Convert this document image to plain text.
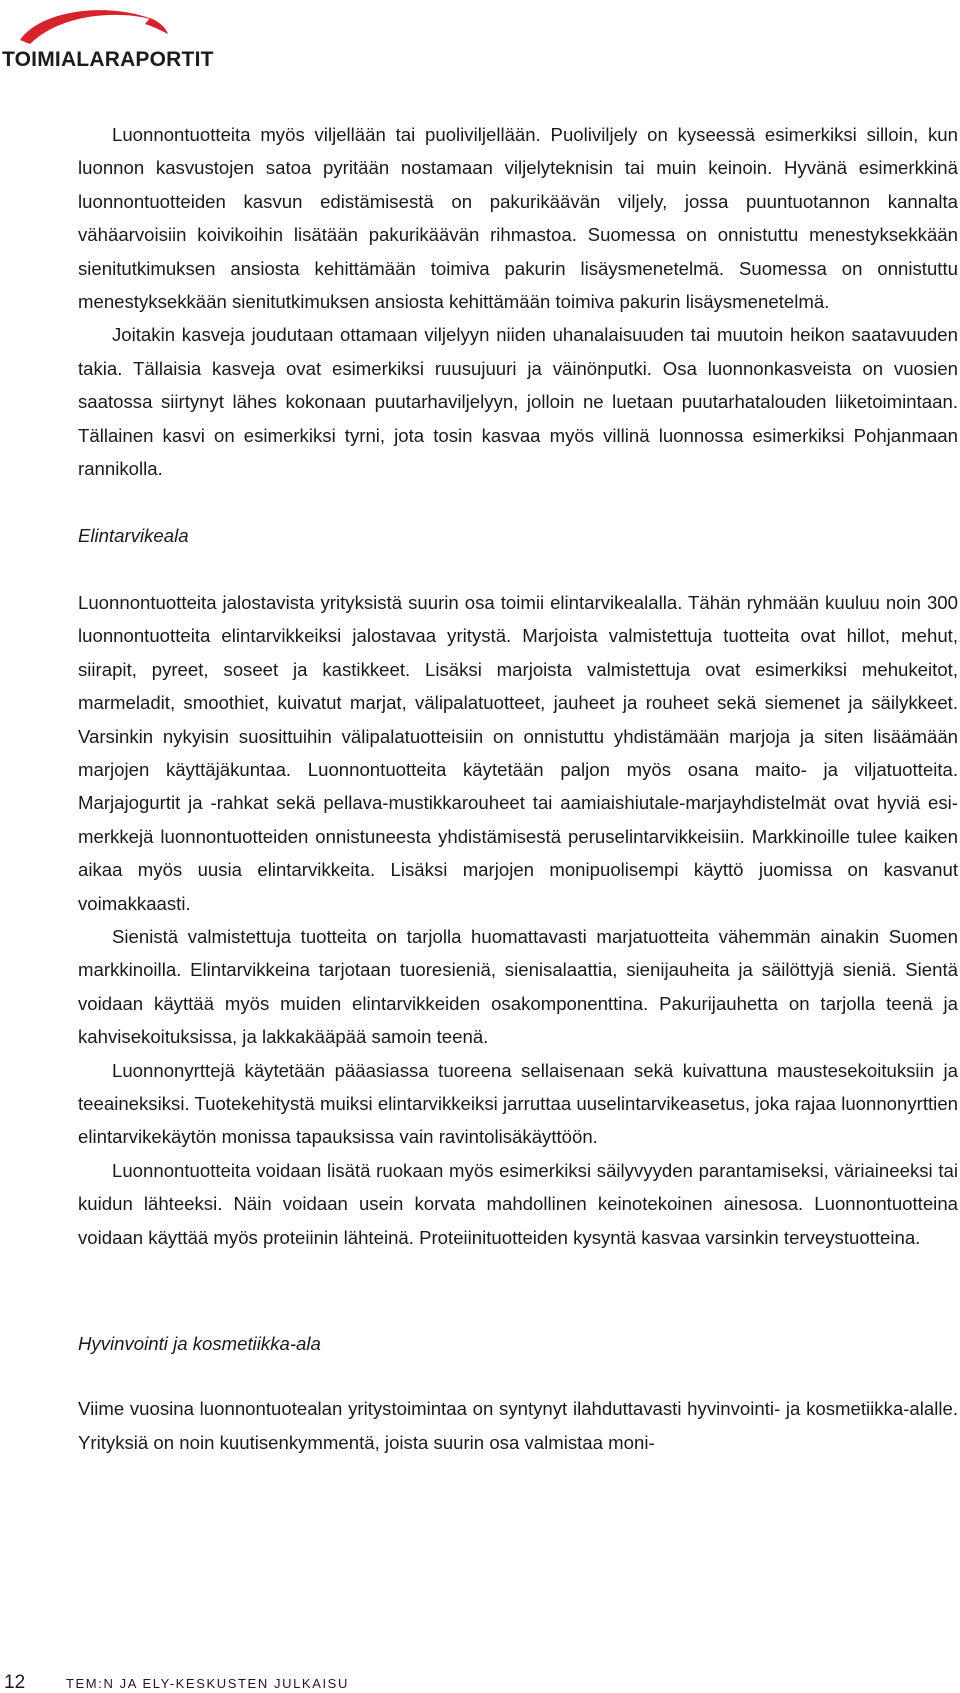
TOIMIALARAPORTIT

Luonnontuotteita myös viljellään tai puoliviljellään. Puoliviljely on kyseessä esimerkiksi silloin, kun luonnon kasvustojen satoa pyritään nostamaan viljelyteknisin tai muin keinoin. Hyvänä esimerkkinä luonnontuotteiden kasvun edistämisestä on pakurikäävän viljely, jossa puuntuotannon kannalta vähäarvoisiin koivikoihin lisätään pakurikäävän rihmastoa. Suomessa on onnistuttu menestyksekkään sienitutkimuksen ansiosta kehittämään toimiva pakurin lisäysmenetelmä. Suomessa on onnistuttu menestyksekkään sienitutkimuksen ansiosta kehittämään toimiva pakurin lisäysmenetelmä.

Joitakin kasveja joudutaan ottamaan viljelyyn niiden uhanalaisuuden tai muutoin heikon saatavuuden takia. Tällaisia kasveja ovat esimerkiksi ruusujuuri ja väinönputki. Osa luonnonkasveista on vuosien saatossa siirtynyt lähes kokonaan puutarhaviljelyyn, jolloin ne luetaan puutarhatalouden liiketoimintaan. Tällainen kasvi on esimerkiksi tyrni, jota tosin kasvaa myös villinä luonnossa esimerkiksi Pohjanmaan rannikolla.

Elintarvikeala

Luonnontuotteita jalostavista yrityksistä suurin osa toimii elintarvikealalla. Tähän ryhmään kuuluu noin 300 luonnontuotteita elintarvikkeiksi jalostavaa yritystä. Marjoista valmistettuja tuotteita ovat hillot, mehut, siirapit, pyreet, soseet ja kastikkeet. Lisäksi marjoista valmistettuja ovat esimerkiksi mehukeitot, marmeladit, smoothiet, kuivatut marjat, välipalatuotteet, jauheet ja rouheet sekä siemenet ja säilykkeet. Varsinkin nykyisin suosittuihin välipalatuotteisiin on onnistuttu yhdistämään marjoja ja siten lisäämään marjojen käyttäjäkuntaa. Luonnontuotteita käytetään paljon myös osana maito- ja viljatuotteita. Marjajogurtit ja -rahkat sekä pellava-mustikkarouheet tai aamiaishiutale-marjayhdistelmät ovat hyviä esimerkkejä luonnontuotteiden onnistuneesta yhdistämisestä peruselintarvikkeisiin. Markkinoille tulee kaiken aikaa myös uusia elintarvikkeita. Lisäksi marjojen monipuolisempi käyttö juomissa on kasvanut voimakkaasti.

Sienistä valmistettuja tuotteita on tarjolla huomattavasti marjatuotteita vähemmän ainakin Suomen markkinoilla. Elintarvikkeina tarjotaan tuoresieniä, sienisalaattia, sienijauheita ja säilöttyjä sieniä. Sientä voidaan käyttää myös muiden elintarvikkeiden osakomponenttina. Pakurijauhetta on tarjolla teenä ja kahvisekoituksissa, ja lakkakääpää samoin teenä.

Luonnonyrttejä käytetään pääasiassa tuoreena sellaisenaan sekä kuivattuna maustesekoituksiin ja teeaineksiksi. Tuotekehitystä muiksi elintarvikkeiksi jarruttaa uuselintarvikeasetus, joka rajaa luonnonyrttien elintarvikekäytön monissa tapauksissa vain ravintolisäkäyttöön.

Luonnontuotteita voidaan lisätä ruokaan myös esimerkiksi säilyvyyden parantamiseksi, väriaineeksi tai kuidun lähteeksi. Näin voidaan usein korvata mahdollinen keinotekoinen ainesosa. Luonnontuotteina voidaan käyttää myös proteiinin lähteinä. Proteiinituotteiden kysyntä kasvaa varsinkin terveystuotteina.

Hyvinvointi ja kosmetiikka-ala

Viime vuosina luonnontuotealan yritystoimintaa on syntynyt ilahduttavasti hyvinvointi- ja kosmetiikka-alalle. Yrityksiä on noin kuutisenkymmentä, joista suurin osa valmistaa moni-

12	TEM:N JA ELY-KESKUSTEN JULKAISU
